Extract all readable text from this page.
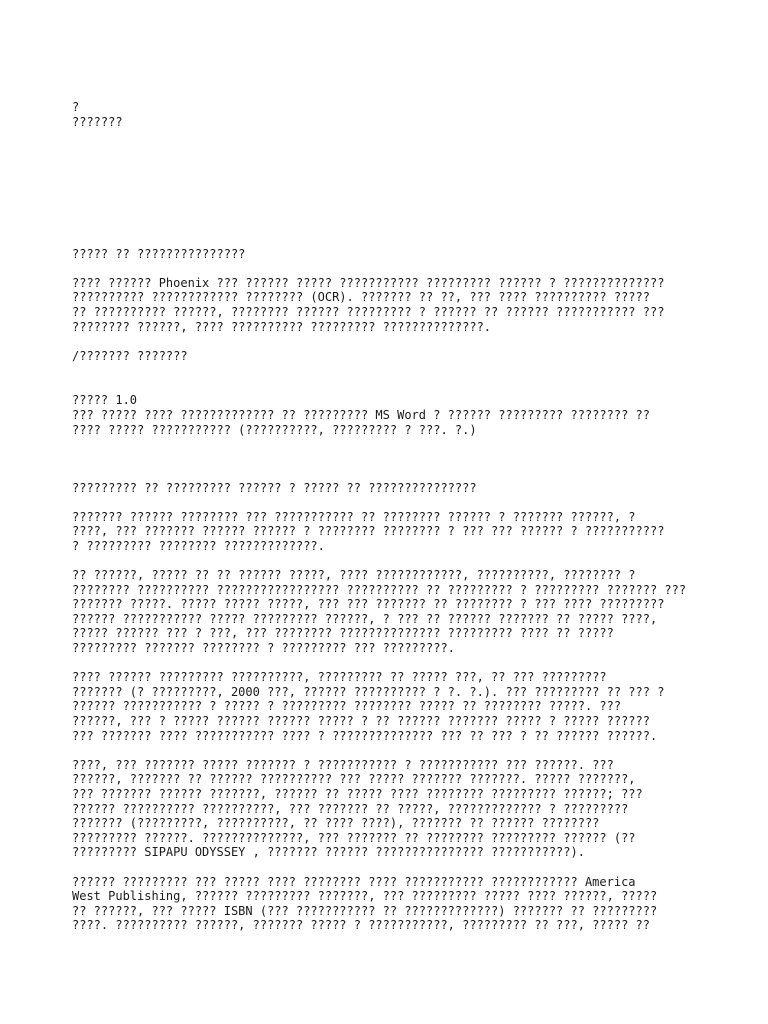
?
???????
????? ?? ???????????????
???? ?????? Phoenix ??? ?????? ????? ??????????? ????????? ?????? ? ??????????????
?????????? ???????????? ???????? (OCR). ??????? ?? ??, ??? ???? ?????????? ?????
?? ?????????? ??????, ???????? ?????? ????????? ? ?????? ?? ?????? ??????????? ???
???????? ??????, ???? ?????????? ????????? ??????????????.
/??????? ???????
????? 1.0
??? ????? ???? ????????????? ?? ????????? MS Word ? ?????? ????????? ???????? ??
???? ????? ??????????? (??????????, ????????? ? ???. ?.)
????????? ?? ????????? ?????? ? ????? ?? ???????????????
??????? ?????? ???????? ??? ??????????? ?? ???????? ?????? ? ??????? ??????, ?
????, ??? ??????? ?????? ?????? ? ???????? ???????? ? ??? ??? ?????? ? ???????????
? ????????? ???????? ?????????????.
?? ??????, ????? ?? ?? ?????? ?????, ???? ????????????, ??????????, ???????? ?
???????? ?????????? ????????????????? ?????????? ?? ????????? ? ????????? ??????? ???
??????? ?????. ????? ????? ?????, ??? ??? ??????? ?? ???????? ? ??? ???? ?????????
?????? ??????????? ????? ????????? ??????, ? ??? ?? ?????? ??????? ?? ????? ????,
????? ?????? ??? ? ???, ??? ???????? ?????????????? ????????? ???? ?? ?????
????????? ??????? ???????? ? ????????? ??? ?????????.
???? ?????? ????????? ??????????, ????????? ?? ????? ???, ?? ??? ?????????
??????? (? ?????????, 2000 ???, ?????? ?????????? ? ?. ?.). ??? ????????? ?? ??? ?
?????? ??????????? ? ????? ? ????????? ???????? ????? ?? ???????? ?????. ???
??????, ??? ? ????? ?????? ?????? ????? ? ?? ?????? ??????? ????? ? ????? ??????
??? ??????? ???? ??????????? ???? ? ?????????????? ??? ?? ??? ? ?? ?????? ??????.
????, ??? ??????? ????? ??????? ? ??????????? ? ??????????? ??? ??????. ???
??????, ??????? ?? ?????? ?????????? ??? ????? ??????? ???????. ????? ???????,
??? ??????? ?????? ???????, ?????? ?? ????? ???? ???????? ????????? ??????; ???
?????? ?????????? ??????????, ??? ??????? ?? ?????, ????????????? ? ?????????
??????? (?????????, ??????????, ?? ???? ????), ??????? ?? ?????? ????????
????????? ??????. ??????????????, ??? ??????? ?? ???????? ????????? ?????? (??
????????? SIPAPU ODYSSEY , ??????? ?????? ??????????????? ???????????).
?????? ????????? ??? ????? ???? ???????? ???? ??????????? ???????????? America
West Publishing, ?????? ????????? ???????, ??? ????????? ????? ???? ??????, ?????
?? ??????, ??? ????? ISBN (??? ??????????? ?? ?????????????) ??????? ?? ?????????
????. ?????????? ??????, ??????? ????? ? ???????????, ????????? ?? ???, ????? ??
